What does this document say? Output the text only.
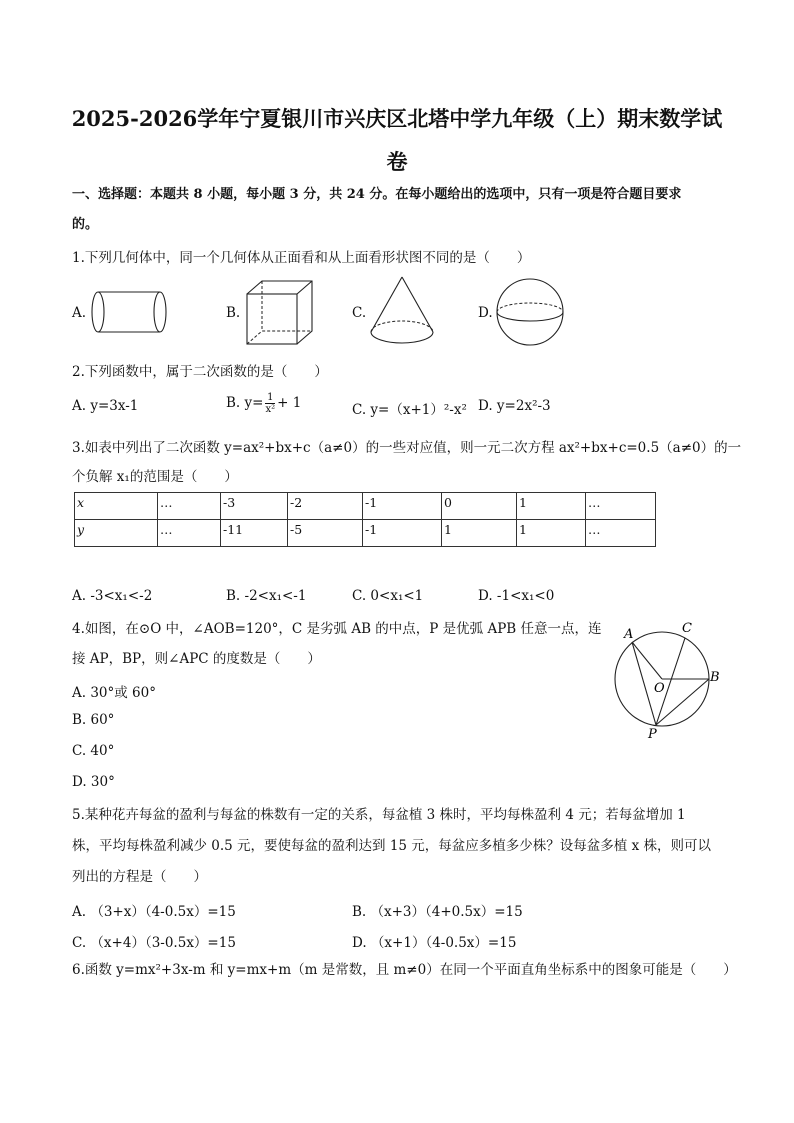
2025-2026学年宁夏银川市兴庆区北塔中学九年级（上）期末数学试
卷
一、选择题：本题共 8 小题，每小题 3 分，共 24 分。在每小题给出的选项中，只有一项是符合题目要求
的。
1.下列几何体中，同一个几何体从正面看和从上面看形状图不同的是（　　）
A.	B.	C.	D.
2.下列函数中，属于二次函数的是（　　）
A. y=3x-1	B. $y= \frac{1}{\text{x²}} + 1$	C. y=（x+1）²-x² D. y=2x²-3
3.如表中列出了二次函数 y=ax²+bx+c（a≠0）的一些对应值，则一元二次方程 ax²+bx+c=0.5（a≠0）的一
个负解 x₁的范围是（　　）
x	…	-3	-2	-1	0	1	…
y	…	-11	-5	-1	1	1	…
A. -3<x₁<-2	B. -2<x₁<-1	C. 0<x₁<1	D. -1<x₁<0
4.如图，在⊙O 中，∠AOB=120°，C 是劣弧 AB 的中点，P 是优弧 APB 任意一点，连
接 AP，BP，则∠APC 的度数是（　　）
A. 30°或 60°
B. 60°
C. 40°
D. 30°
A	C
O
B
P
5.某种花卉每盆的盈利与每盆的株数有一定的关系，每盆植 3 株时，平均每株盈利 4 元；若每盆增加 1
株，平均每株盈利减少 0.5 元，要使每盆的盈利达到 15 元，每盆应多植多少株？设每盆多植 x 株，则可以
列出的方程是（　　）
A. （3+x）（4-0.5x）=15	B. （x+3）（4+0.5x）=15
C. （x+4）（3-0.5x）=15	D. （x+1）（4-0.5x）=15
6.函数 y=mx²+3x-m 和 y=mx+m（m 是常数，且 m≠0）在同一个平面直角坐标系中的图象可能是（　　）
